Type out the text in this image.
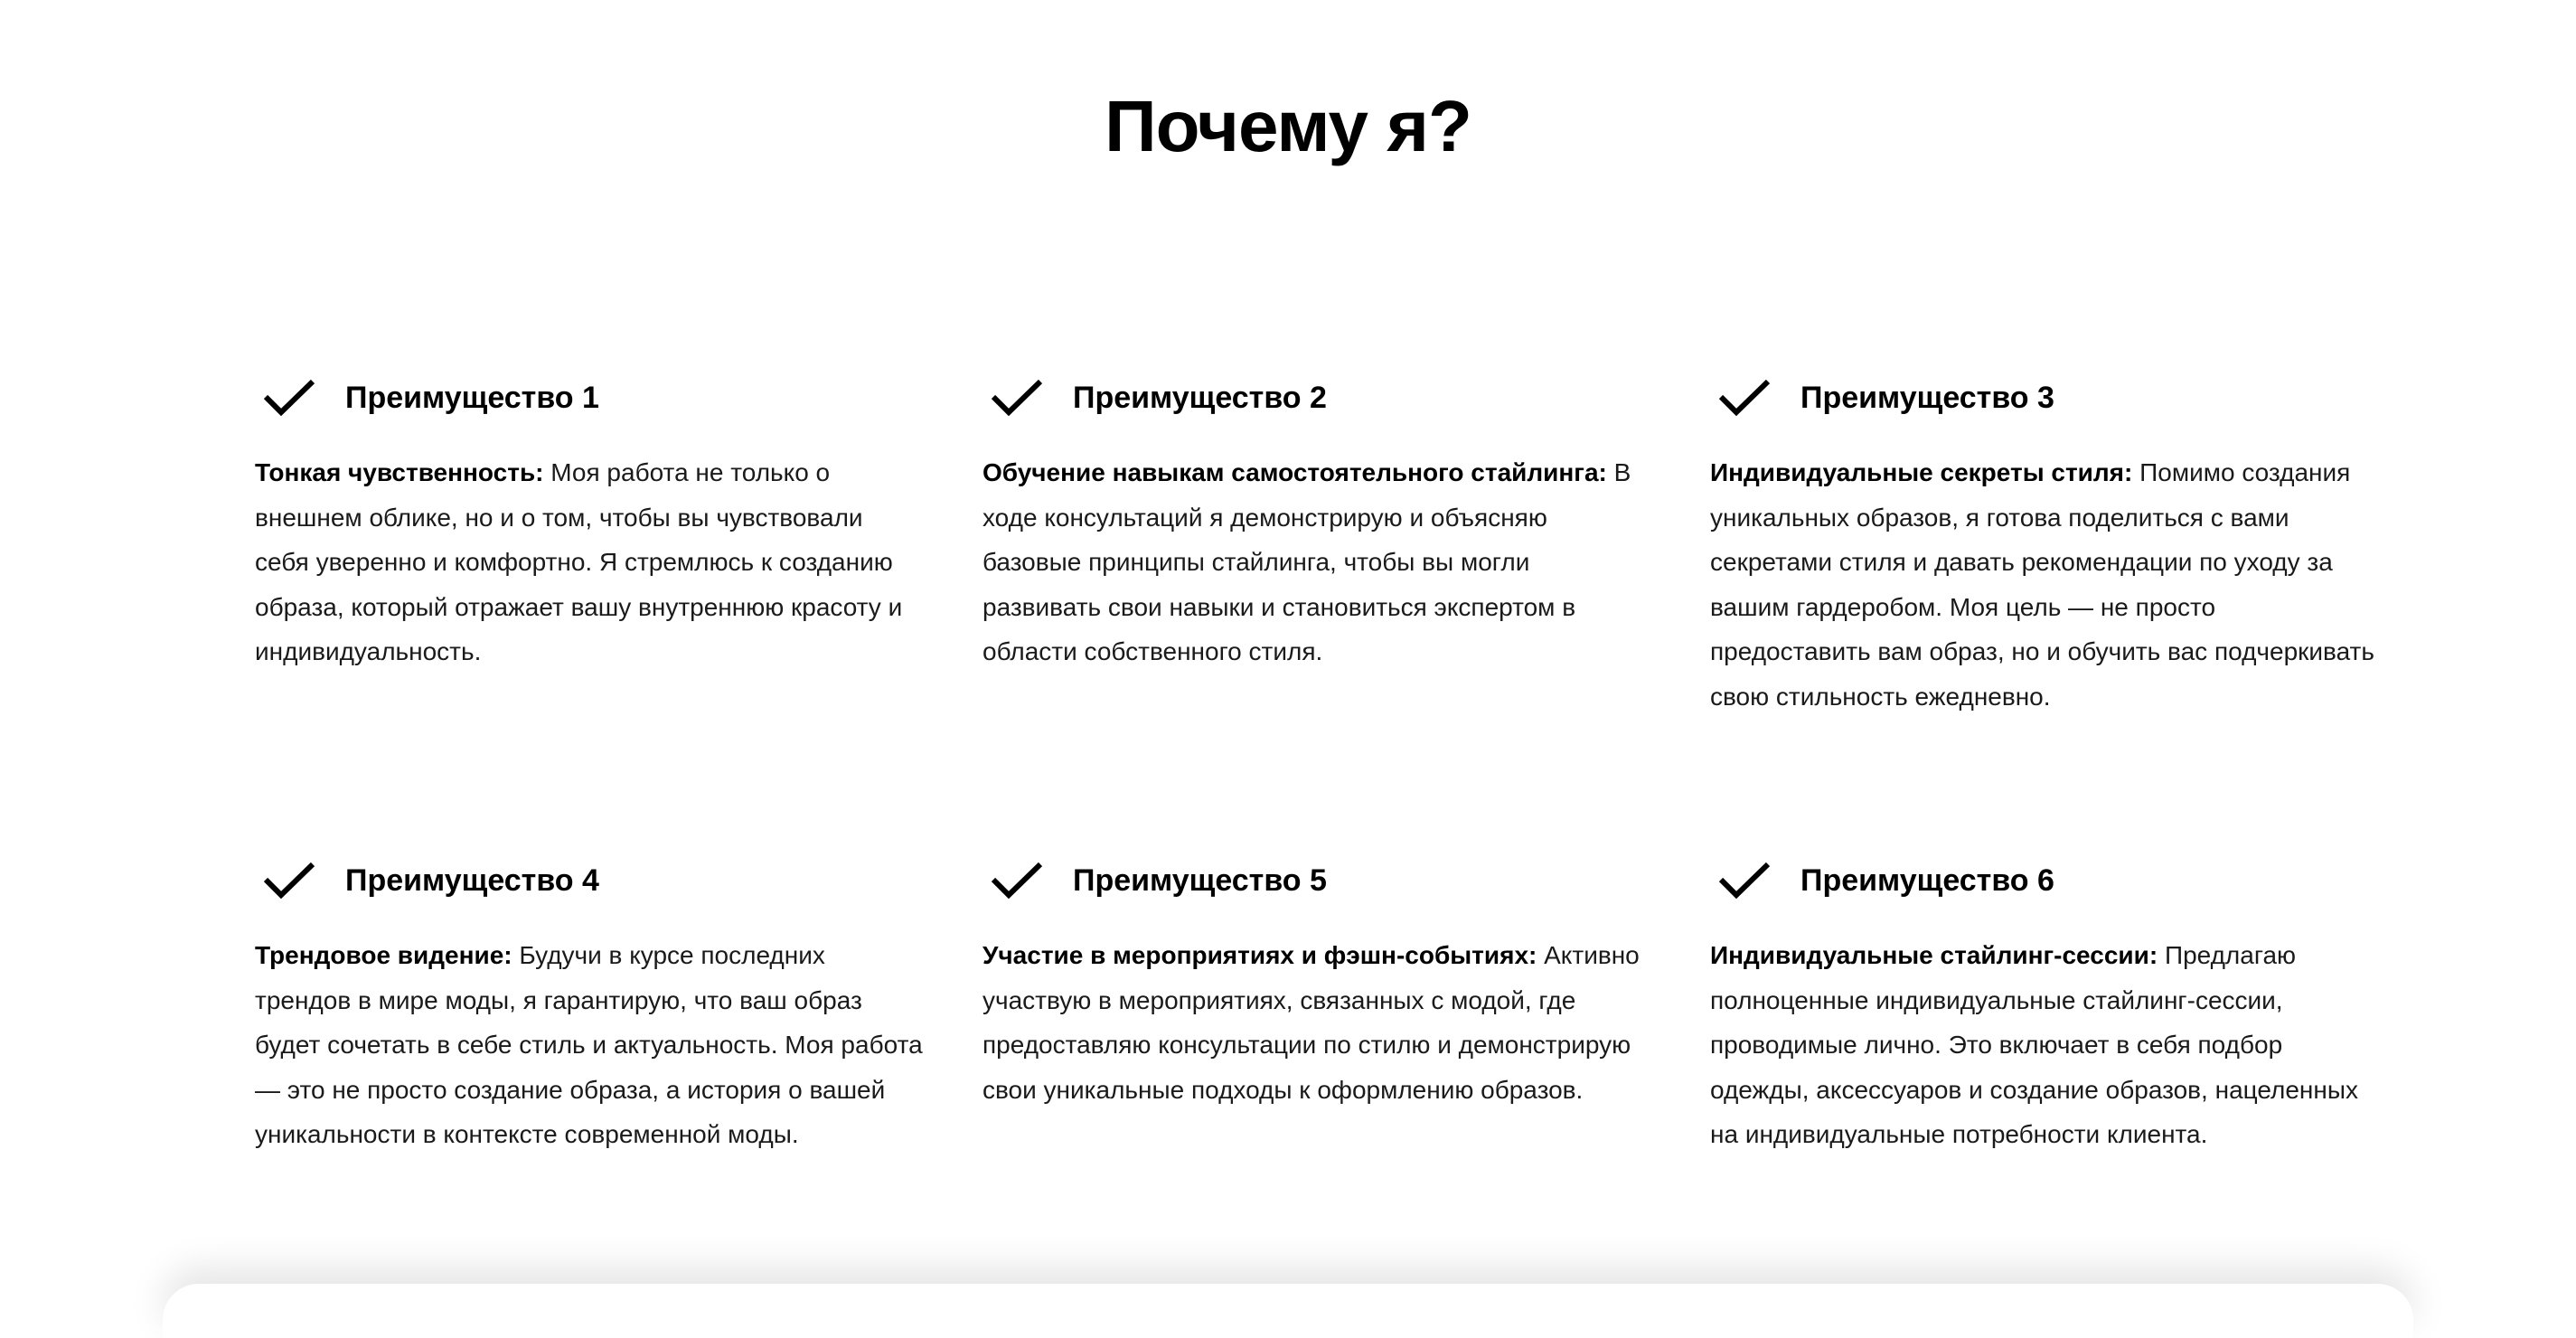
Почему я?
Преимущество 1

Тонкая чувственность: Моя работа не только о внешнем облике, но и о том, чтобы вы чувствовали себя уверенно и комфортно. Я стремлюсь к созданию образа, который отражает вашу внутреннюю красоту и индивидуальность.

Преимущество 2

Обучение навыкам самостоятельного стайлинга: В ходе консультаций я демонстрирую и объясняю базовые принципы стайлинга, чтобы вы могли развивать свои навыки и становиться экспертом в области собственного стиля.

Преимущество 3

Индивидуальные секреты стиля: Помимо создания уникальных образов, я готова поделиться с вами секретами стиля и давать рекомендации по уходу за вашим гардеробом. Моя цель — не просто предоставить вам образ, но и обучить вас подчеркивать свою стильность ежедневно.

Преимущество 4

Трендовое видение: Будучи в курсе последних трендов в мире моды, я гарантирую, что ваш образ будет сочетать в себе стиль и актуальность. Моя работа — это не просто создание образа, а история о вашей уникальности в контексте современной моды.

Преимущество 5

Участие в мероприятиях и фэшн-событиях: Активно участвую в мероприятиях, связанных с модой, где предоставляю консультации по стилю и демонстрирую свои уникальные подходы к оформлению образов.

Преимущество 6

Индивидуальные стайлинг-сессии: Предлагаю полноценные индивидуальные стайлинг-сессии, проводимые лично. Это включает в себя подбор одежды, аксессуаров и создание образов, нацеленных на индивидуальные потребности клиента.
